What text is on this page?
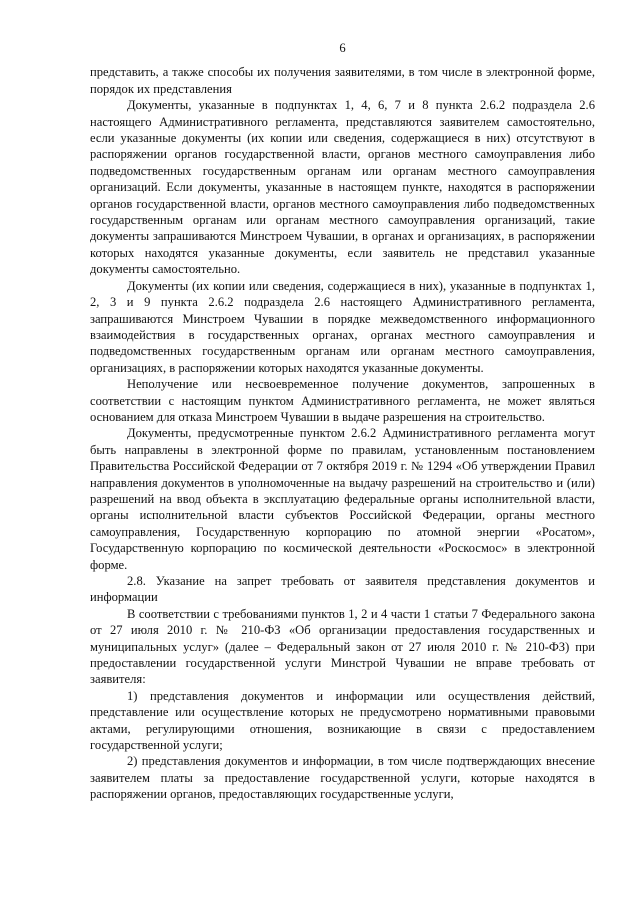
6

представить, а также способы их получения заявителями, в том числе в электронной форме, порядок их представления

Документы, указанные в подпунктах 1, 4, 6, 7 и 8 пункта 2.6.2 подраздела 2.6 настоящего Административного регламента, представляются заявителем самостоятельно, если указанные документы (их копии или сведения, содержащиеся в них) отсутствуют в распоряжении органов государственной власти, органов местного самоуправления либо подведомственных государственным органам или органам местного самоуправления организаций. Если документы, указанные в настоящем пункте, находятся в распоряжении органов государственной власти, органов местного самоуправления либо подведомственных государственным органам или органам местного самоуправления организаций, такие документы запрашиваются Минстроем Чувашии, в органах и организациях, в распоряжении которых находятся указанные документы, если заявитель не представил указанные документы самостоятельно.

Документы (их копии или сведения, содержащиеся в них), указанные в подпунктах 1, 2, 3 и 9 пункта 2.6.2 подраздела 2.6 настоящего Административного регламента, запрашиваются Минстроем Чувашии в порядке межведомственного информационного взаимодействия в государственных органах, органах местного самоуправления и подведомственных государственным органам или органам местного самоуправления, организациях, в распоряжении которых находятся указанные документы.

Неполучение или несвоевременное получение документов, запрошенных в соответствии с настоящим пунктом Административного регламента, не может являться основанием для отказа Минстроем Чувашии в выдаче разрешения на строительство.

Документы, предусмотренные пунктом 2.6.2 Административного регламента могут быть направлены в электронной форме по правилам, установленным постановлением Правительства Российской Федерации от 7 октября 2019 г. № 1294 «Об утверждении Правил направления документов в уполномоченные на выдачу разрешений на строительство и (или) разрешений на ввод объекта в эксплуатацию федеральные органы исполнительной власти, органы исполнительной власти субъектов Российской Федерации, органы местного самоуправления, Государственную корпорацию по атомной энергии «Росатом», Государственную корпорацию по космической деятельности «Роскосмос» в электронной форме.

2.8. Указание на запрет требовать от заявителя представления документов и информации

В соответствии с требованиями пунктов 1, 2 и 4 части 1 статьи 7 Федерального закона от 27 июля 2010 г. № 210-ФЗ «Об организации предоставления государственных и муниципальных услуг» (далее – Федеральный закон от 27 июля 2010 г. № 210-ФЗ) при предоставлении государственной услуги Минстрой Чувашии не вправе требовать от заявителя:

1) представления документов и информации или осуществления действий, представление или осуществление которых не предусмотрено нормативными правовыми актами, регулирующими отношения, возникающие в связи с предоставлением государственной услуги;

2) представления документов и информации, в том числе подтверждающих внесение заявителем платы за предоставление государственной услуги, которые находятся в распоряжении органов, предоставляющих государственные услуги,
